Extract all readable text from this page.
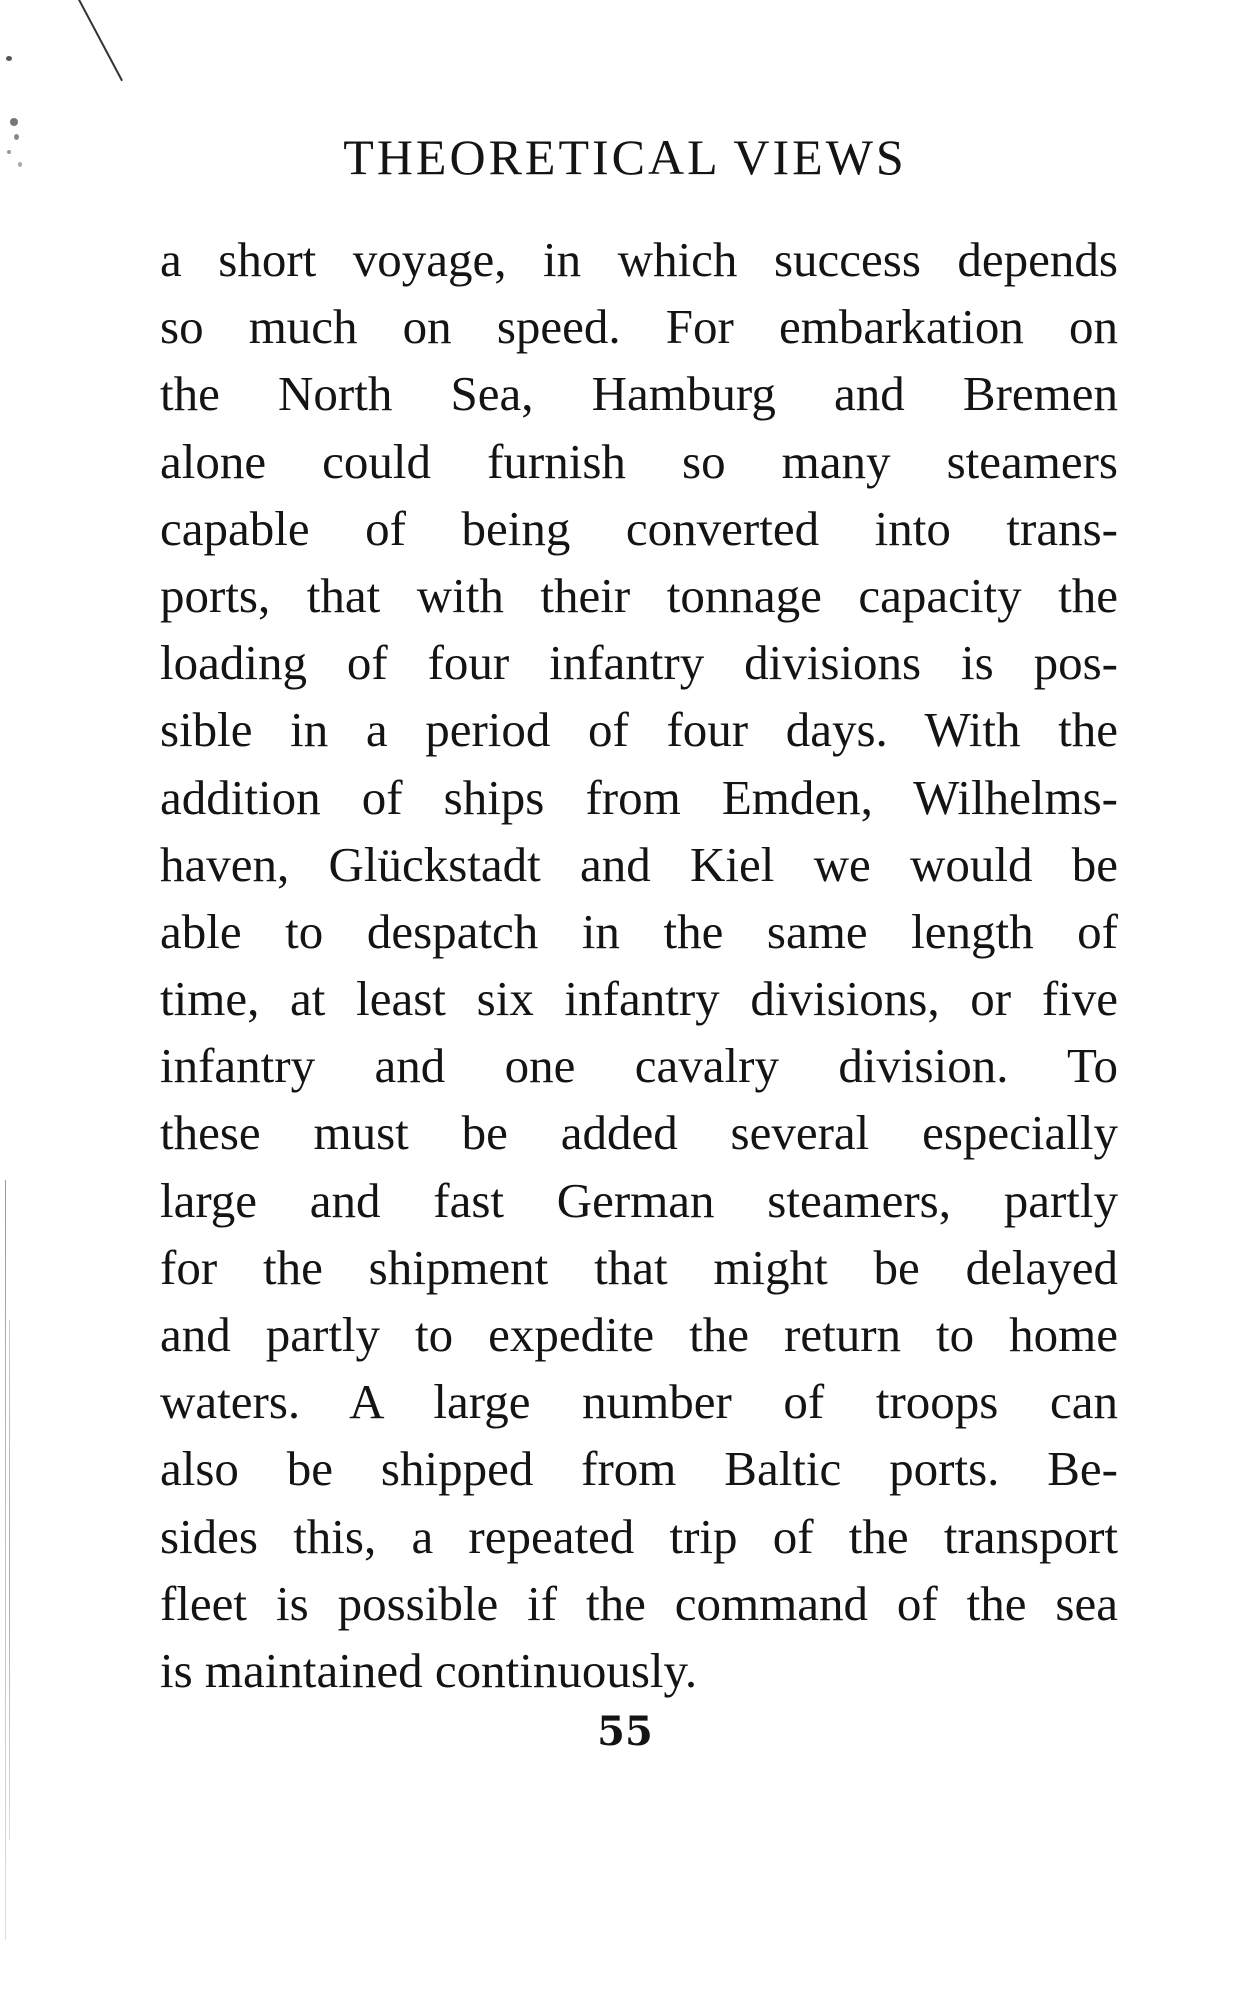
THEORETICAL VIEWS
a short voyage, in which success depends
so much on speed. For embarkation on
the North Sea, Hamburg and Bremen
alone could furnish so many steamers
capable of being converted into trans-
ports, that with their tonnage capacity the
loading of four infantry divisions is pos-
sible in a period of four days. With the
addition of ships from Emden, Wilhelms-
haven, Glückstadt and Kiel we would be
able to despatch in the same length of
time, at least six infantry divisions, or five
infantry and one cavalry division. To
these must be added several especially
large and fast German steamers, partly
for the shipment that might be delayed
and partly to expedite the return to home
waters. A large number of troops can
also be shipped from Baltic ports. Be-
sides this, a repeated trip of the transport
fleet is possible if the command of the sea
is maintained continuously.
55
